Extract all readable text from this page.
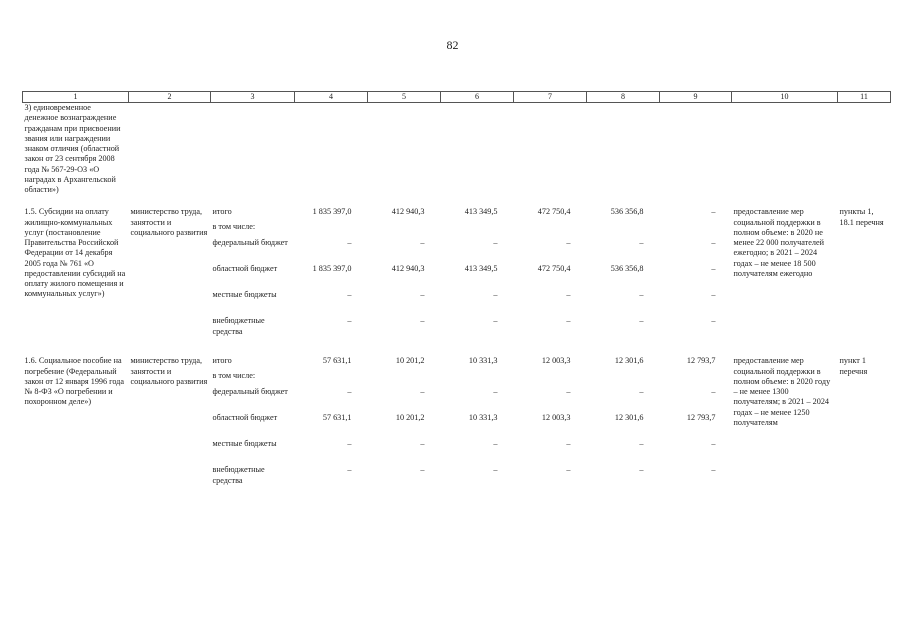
82
1	2	3	4	5	6	7	8	9	10	11
3) единовременное денежное вознаграждение гражданам при присвоении звания или награждении знаком отличия (областной закон от 23 сентября 2008 года № 567-29-ОЗ «О наградах в Архангельской области»)										

1.5. Субсидии на оплату жилищно-коммунальных услуг (постановление Правительства Российской Федерации от 14 декабря 2005 года № 761 «О предоставлении субсидий на оплату жилого помещения и коммунальных услуг»)	министерство труда, занятости и социального развития	итого	1 835 397,0	412 940,3	413 349,5	472 750,4	536 356,8	–	предоставление мер социальной поддержки в полном объеме: в 2020 не менее 22 000 получателей ежегодно; в 2021 – 2024 годах – не менее 18 500 получателям ежегодно	пункты 1, 18.1 перечня
		в том числе:								
		федеральный бюджет	–	–	–	–	–	–		
		областной бюджет	1 835 397,0	412 940,3	413 349,5	472 750,4	536 356,8	–		
		местные бюджеты	–	–	–	–	–	–		
		внебюджетные средства	–	–	–	–	–	–		

1.6. Социальное пособие на погребение (Федеральный закон от 12 января 1996 года № 8-ФЗ «О погребении и похоронном деле»)	министерство труда, занятости и социального развития	итого	57 631,1	10 201,2	10 331,3	12 003,3	12 301,6	12 793,7	предоставление мер социальной поддержки в полном объеме: в 2020 году – не менее 1300 получателям; в 2021 – 2024 годах – не менее 1250 получателям	пункт 1 перечня
		в том числе:								
		федеральный бюджет	–	–	–	–	–	–		
		областной бюджет	57 631,1	10 201,2	10 331,3	12 003,3	12 301,6	12 793,7		
		местные бюджеты	–	–	–	–	–	–		
		внебюджетные средства	–	–	–	–	–	–		
